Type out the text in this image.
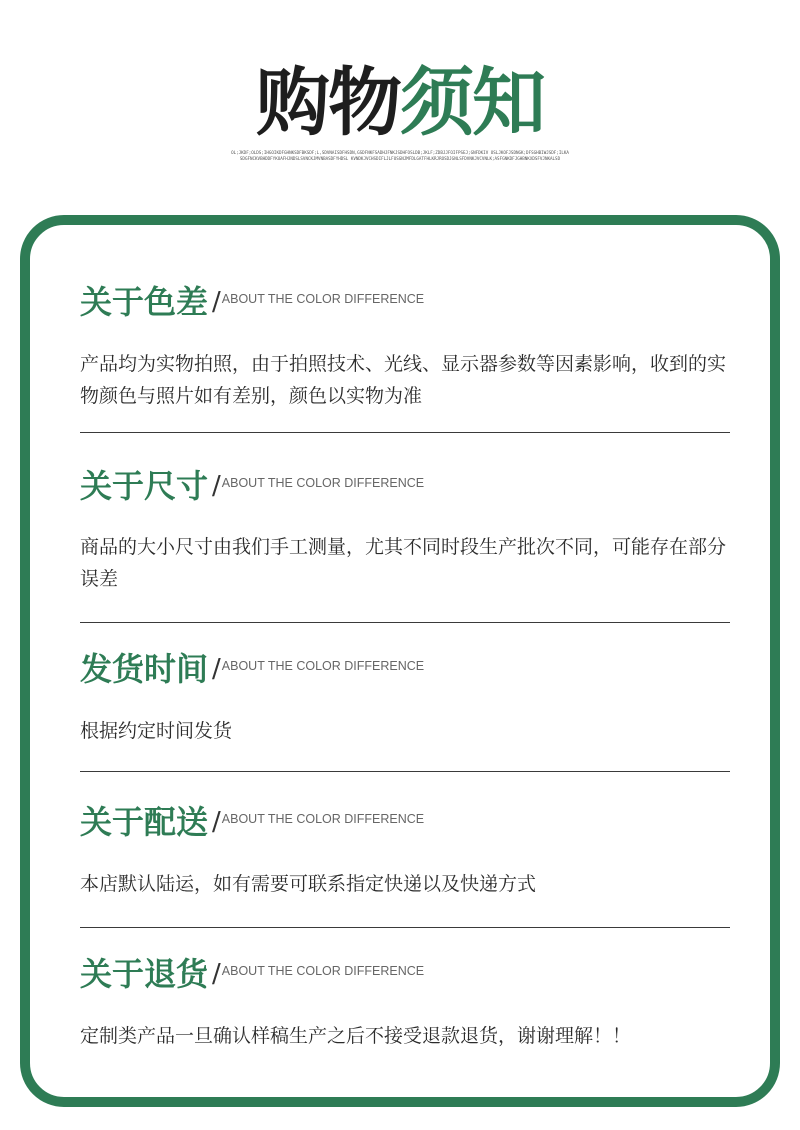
购物须知
OL;JKDF;OLDS;IHGOIKDFGHNKSDFBKSDF;L,SDVNAISDFHSDN,GSDFNKFSADHJFNKJSDHFOSLDB;JKLF;ZDBJJFOIFPSEJ;GNFDKIV OSLJKOFJSDNGK;DFSGHBIWJSDF;ILKASDGFNCKVBHDDFYKOAFHJNDSLSVNCKJMVNBASDFYHDSL KVNDKJVCHSDIFLJLFOSGNJMFDLGATFHLKRJROSDJGNLSFDVNKJVCVNLK;ASFGNKDFJGHBNKXDSFVJNKALSD
关于色差 /ABOUT THE COLOR DIFFERENCE
产品均为实物拍照，由于拍照技术、光线、显示器参数等因素影响，收到的实物颜色与照片如有差别，颜色以实物为准
关于尺寸 /ABOUT THE COLOR DIFFERENCE
商品的大小尺寸由我们手工测量，尤其不同时段生产批次不同，可能存在部分误差
发货时间 /ABOUT THE COLOR DIFFERENCE
根据约定时间发货
关于配送 /ABOUT THE COLOR DIFFERENCE
本店默认陆运，如有需要可联系指定快递以及快递方式
关于退货 /ABOUT THE COLOR DIFFERENCE
定制类产品一旦确认样稿生产之后不接受退款退货，谢谢理解！！
